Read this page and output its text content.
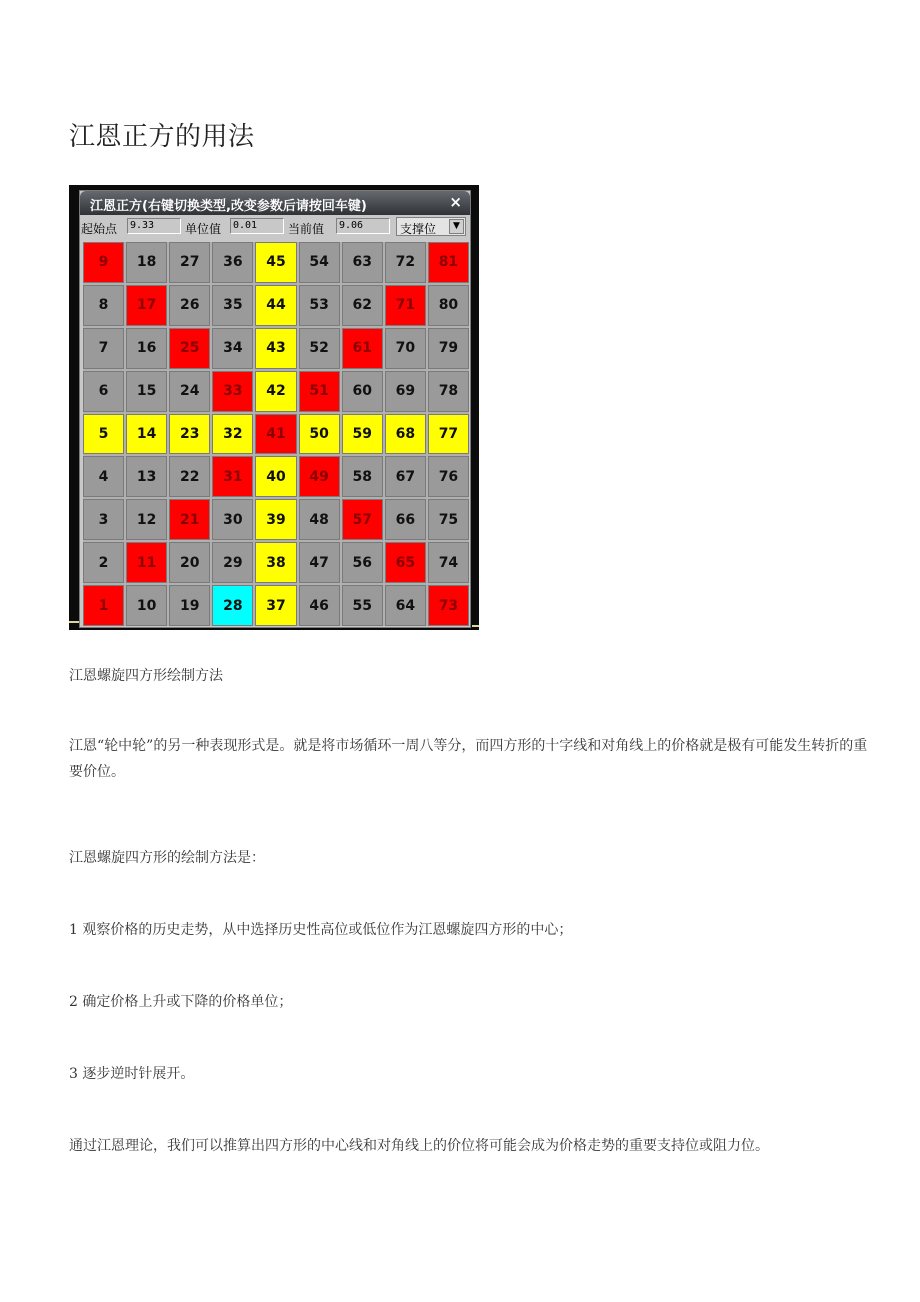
江恩正方的用法
江恩正方(右键切换类型,改变参数后请按回车键)	×
起始点	9.33	单位值	0.01	当前值	9.06	支撑位	▼
9	18	27	36	45	54	63	72	81
8	17	26	35	44	53	62	71	80
7	16	25	34	43	52	61	70	79
6	15	24	33	42	51	60	69	78
5	14	23	32	41	50	59	68	77
4	13	22	31	40	49	58	67	76
3	12	21	30	39	48	57	66	75
2	11	20	29	38	47	56	65	74
1	10	19	28	37	46	55	64	73

江恩螺旋四方形绘制方法

江恩“轮中轮”的另一种表现形式是。就是将市场循环一周八等分，而四方形的十字线和对角线上的价格就是极有可能发生转折的重要价位。

江恩螺旋四方形的绘制方法是：

1 观察价格的历史走势，从中选择历史性高位或低位作为江恩螺旋四方形的中心；

2 确定价格上升或下降的价格单位；

3 逐步逆时针展开。

通过江恩理论，我们可以推算出四方形的中心线和对角线上的价位将可能会成为价格走势的重要支持位或阻力位。
